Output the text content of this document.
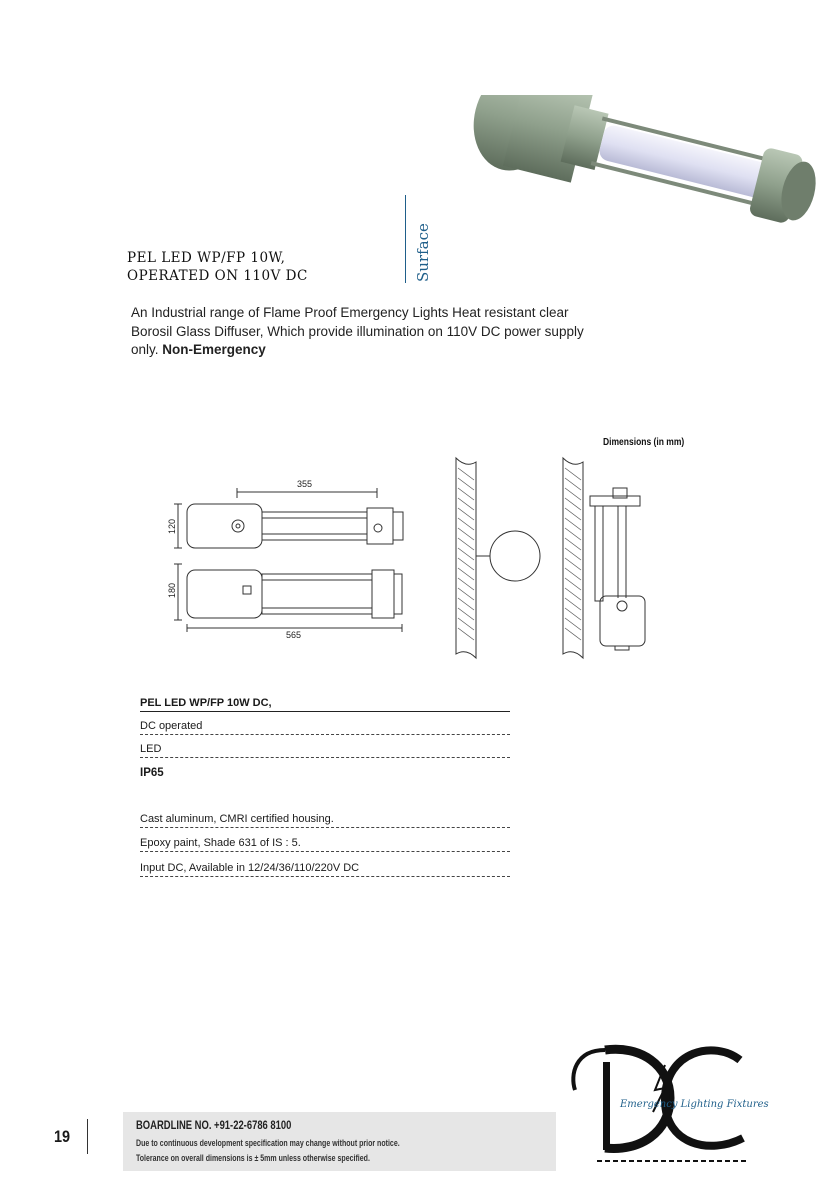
PEL LED WP/FP 10W,
OPERATED ON 110V DC	Surface
An Industrial range of Flame Proof Emergency Lights Heat resistant clear Borosil Glass Diffuser, Which provide illumination on 110V DC power supply only. Non-Emergency
Dimensions (in mm)
355
565
120
180
PEL LED WP/FP 10W DC,
DC operated
LED
IP65
Cast aluminum, CMRI certified housing.
Epoxy paint, Shade 631 of IS : 5.
Input DC, Available in 12/24/36/110/220V DC
19
BOARDLINE NO. +91-22-6786 8100
Due to continuous development specification may change without prior notice.
Tolerance on overall dimensions is ± 5mm unless otherwise specified.
Emergency Lighting Fixtures
